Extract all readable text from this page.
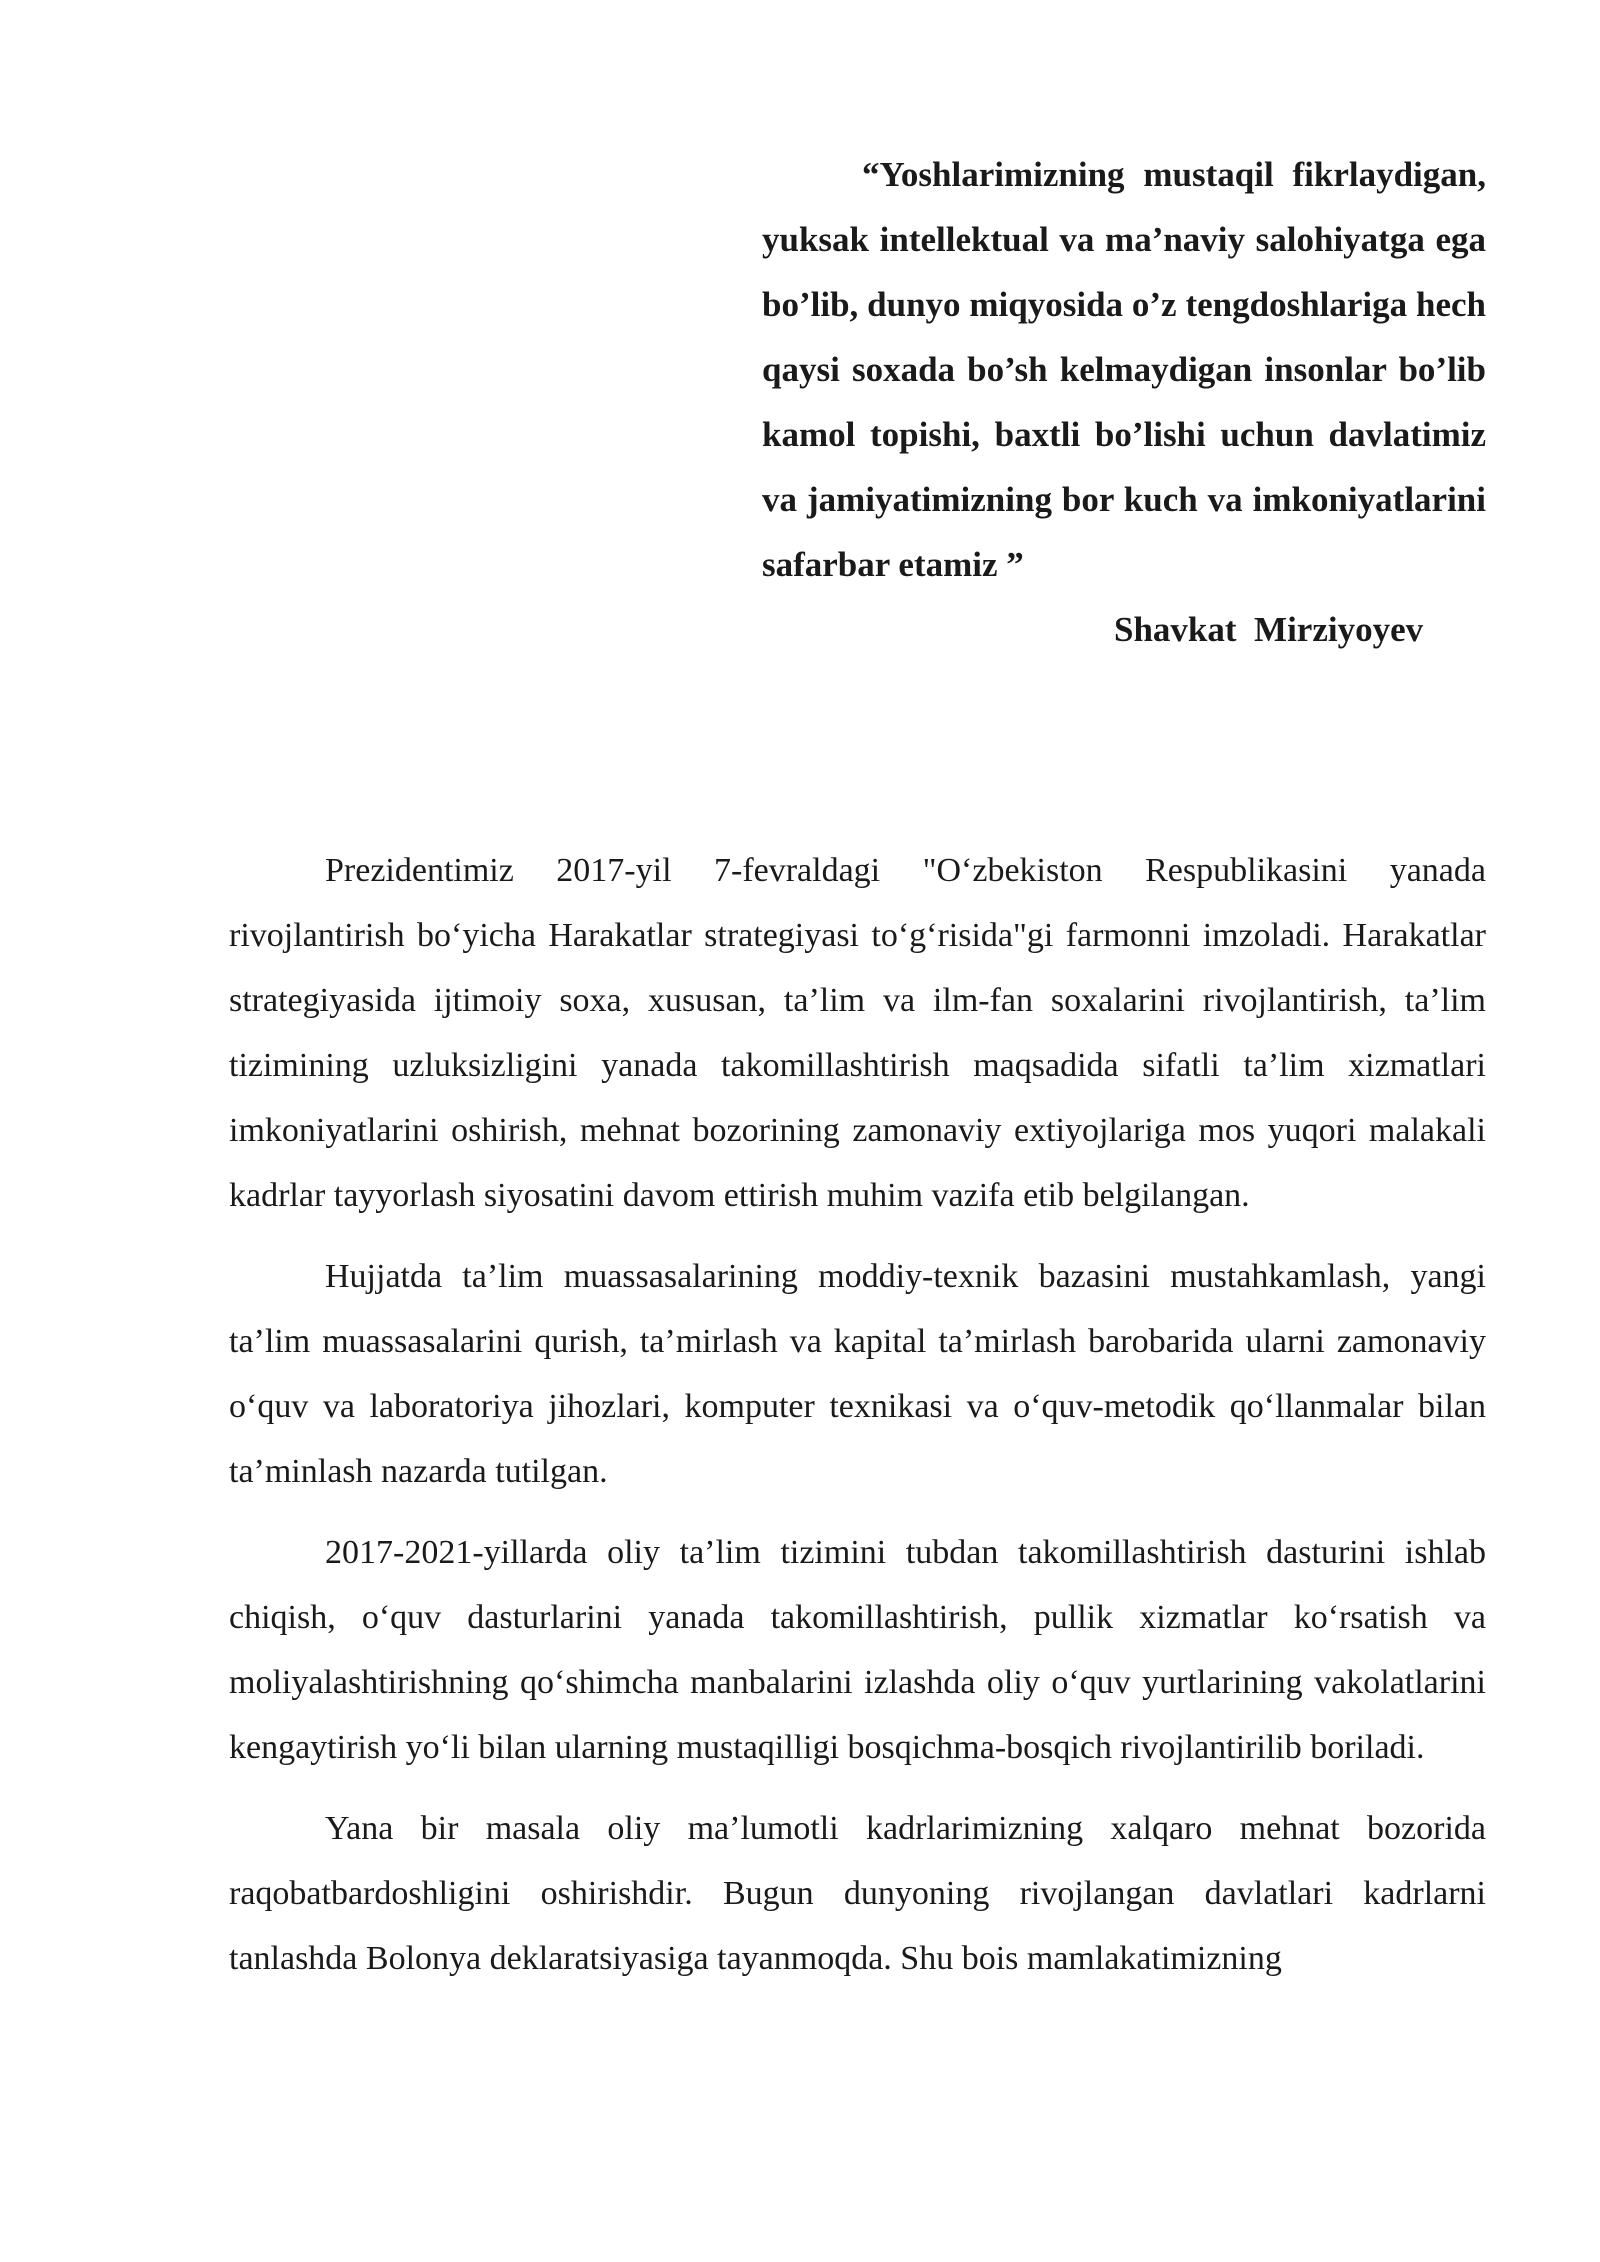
“Yoshlarimizning mustaqil fikrlaydigan, yuksak intellektual va ma’naviy salohiyatga ega bo’lib, dunyo miqyosida o’z tengdoshlariga hech qaysi soxada bo’sh kelmaydigan insonlar bo’lib kamol topishi, baxtli bo’lishi uchun davlatimiz va jamiyatimizning bor kuch va imkoniyatlarini safarbar etamiz ”

Shavkat  Mirziyoyev

Prezidentimiz 2017-yil 7-fevraldagi "O‘zbekiston Respublikasini yanada rivojlantirish bo‘yicha Harakatlar strategiyasi to‘g‘risida"gi farmonni imzoladi. Harakatlar strategiyasida ijtimoiy soxa, xususan, ta’lim va ilm-fan soxalarini rivojlantirish, ta’lim tizimining uzluksizligini yanada takomillashtirish maqsadida sifatli ta’lim xizmatlari imkoniyatlarini oshirish, mehnat bozorining zamonaviy extiyojlariga mos yuqori malakali kadrlar tayyorlash siyosatini davom ettirish muhim vazifa etib belgilangan.

Hujjatda ta’lim muassasalarining moddiy-texnik bazasini mustahkamlash, yangi ta’lim muassasalarini qurish, ta’mirlash va kapital ta’mirlash barobarida ularni zamonaviy o‘quv va laboratoriya jihozlari, komputer texnikasi va o‘quv-metodik qo‘llanmalar bilan ta’minlash nazarda tutilgan.

2017-2021-yillarda oliy ta’lim tizimini tubdan takomillashtirish dasturini ishlab chiqish, o‘quv dasturlarini yanada takomillashtirish, pullik xizmatlar ko‘rsatish va moliyalashtirishning qo‘shimcha manbalarini izlashda oliy o‘quv yurtlarining vakolatlarini kengaytirish yo‘li bilan ularning mustaqilligi bosqichma-bosqich rivojlantirilib boriladi.

Yana bir masala oliy ma’lumotli kadrlarimizning xalqaro mehnat bozorida raqobatbardoshligini oshirishdir. Bugun dunyoning rivojlangan davlatlari kadrlarni tanlashda Bolonya deklaratsiyasiga tayanmoqda. Shu bois mamlakatimizning
